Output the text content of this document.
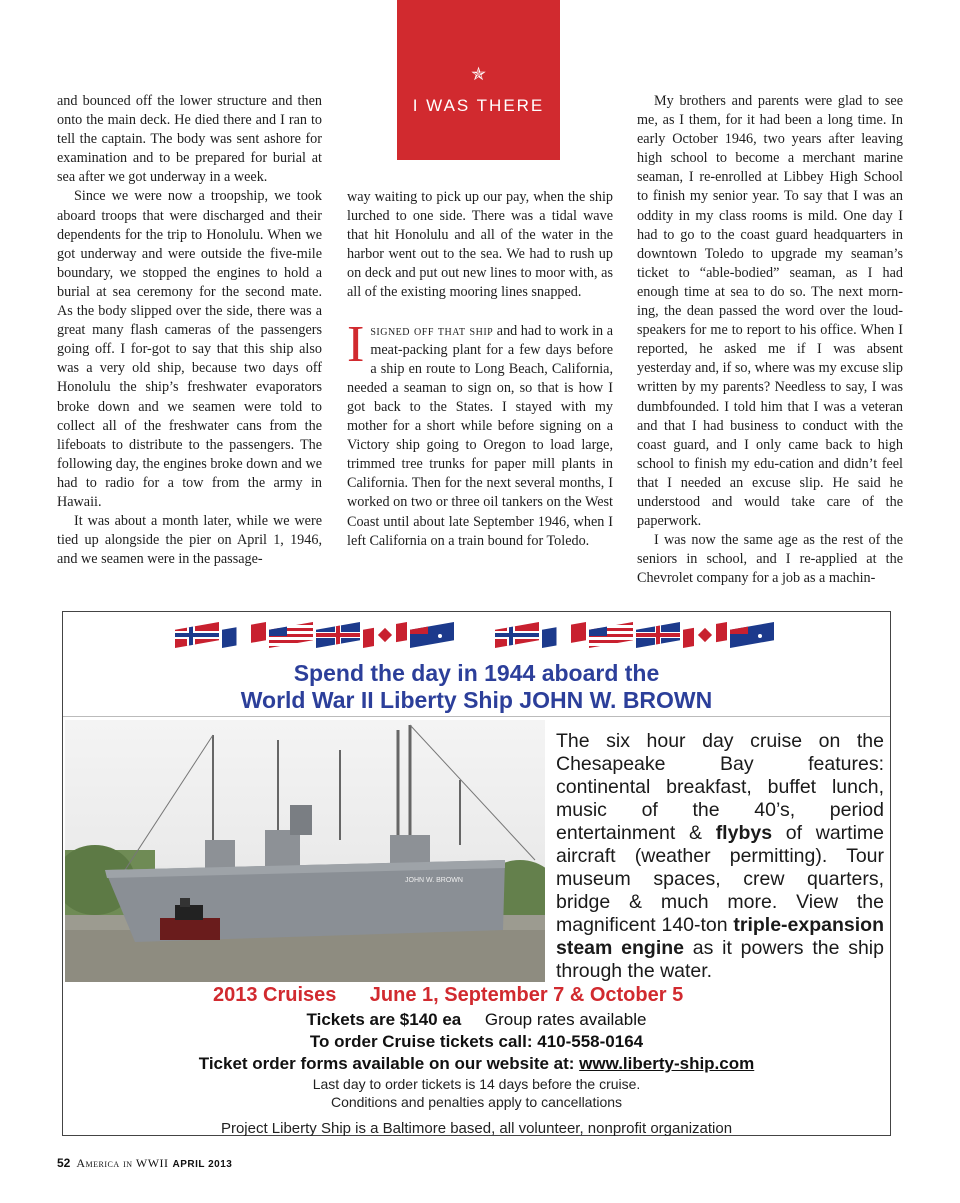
✯
I WAS THERE

and bounced off the lower structure and then onto the main deck. He died there and I ran to tell the captain. The body was sent ashore for examination and to be prepared for burial at sea after we got underway in a week.

Since we were now a troopship, we took aboard troops that were discharged and their dependents for the trip to Honolulu. When we got underway and were outside the five-mile boundary, we stopped the engines to hold a burial at sea ceremony for the second mate. As the body slipped over the side, there was a great many flash cameras of the passengers going off. I for-got to say that this ship also was a very old ship, because two days off Honolulu the ship’s freshwater evaporators broke down and we seamen were told to collect all of the freshwater cans from the lifeboats to distribute to the passengers. The following day, the engines broke down and we had to radio for a tow from the army in Hawaii.

It was about a month later, while we were tied up alongside the pier on April 1, 1946, and we seamen were in the passage-

way waiting to pick up our pay, when the ship lurched to one side. There was a tidal wave that hit Honolulu and all of the water in the harbor went out to the sea. We had to rush up on deck and put out new lines to moor with, as all of the existing mooring lines snapped.

Isigned off that ship and had to work in a meat-packing plant for a few days before a ship en route to Long Beach, California, needed a seaman to sign on, so that is how I got back to the States. I stayed with my mother for a short while before signing on a Victory ship going to Oregon to load large, trimmed tree trunks for paper mill plants in California. Then for the next several months, I worked on two or three oil tankers on the West Coast until about late September 1946, when I left California on a train bound for Toledo.

My brothers and parents were glad to see me, as I them, for it had been a long time. In early October 1946, two years after leaving high school to become a merchant marine seaman, I re-enrolled at Libbey High School to finish my senior year. To say that I was an oddity in my class rooms is mild. One day I had to go to the coast guard headquarters in downtown Toledo to upgrade my seaman’s ticket to “able-bodied” seaman, as I had enough time at sea to do so. The next morn-ing, the dean passed the word over the loud-speakers for me to report to his office. When I reported, he asked me if I was absent yesterday and, if so, where was my excuse slip written by my parents? Needless to say, I was dumbfounded. I told him that I was a veteran and that I had business to conduct with the coast guard, and I only came back to high school to finish my edu-cation and didn’t feel that I needed an excuse slip. He said he understood and would take care of the paperwork.

I was now the same age as the rest of the seniors in school, and I re-applied at the Chevrolet company for a job as a machin-

Spend the day in 1944 aboard the
World War II Liberty Ship JOHN W. BROWN
JOHN W. BROWN
The six hour day cruise on the Chesapeake Bay features: continental breakfast, buffet lunch, music of the 40’s, period entertainment & flybys of wartime aircraft (weather permitting). Tour museum spaces, crew quarters, bridge & much more. View the magnificent 140-ton triple-expansion steam engine as it powers the ship through the water.
2013 Cruises June 1, September 7 & October 5
Tickets are $140 ea Group rates available
To order Cruise tickets call: 410-558-0164
Ticket order forms available on our website at: www.liberty-ship.com
Last day to order tickets is 14 days before the cruise.
Conditions and penalties apply to cancellations
Project Liberty Ship is a Baltimore based, all volunteer, nonprofit organization
52 America in WWII APRIL 2013
